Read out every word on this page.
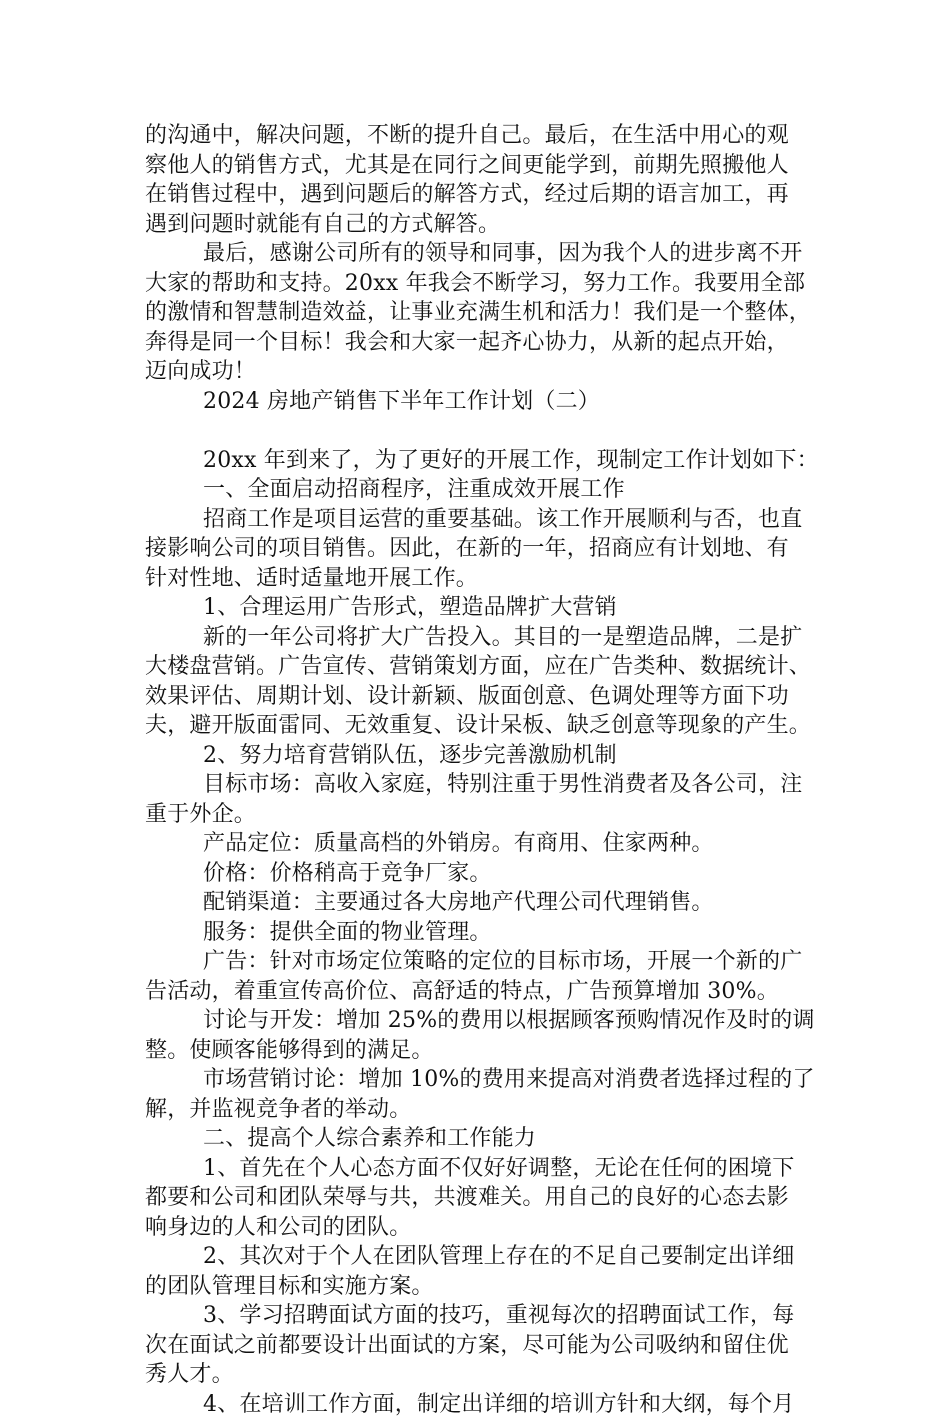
的沟通中，解决问题，不断的提升自己。最后，在生活中用心的观
察他人的销售方式，尤其是在同行之间更能学到，前期先照搬他人
在销售过程中，遇到问题后的解答方式，经过后期的语言加工，再
遇到问题时就能有自己的方式解答。
最后，感谢公司所有的领导和同事，因为我个人的进步离不开
大家的帮助和支持。20xx 年我会不断学习，努力工作。我要用全部
的激情和智慧制造效益，让事业充满生机和活力！我们是一个整体，
奔得是同一个目标！我会和大家一起齐心协力，从新的起点开始，
迈向成功！
2024 房地产销售下半年工作计划（二）
20xx 年到来了，为了更好的开展工作，现制定工作计划如下：
一、全面启动招商程序，注重成效开展工作
招商工作是项目运营的重要基础。该工作开展顺利与否，也直
接影响公司的项目销售。因此，在新的一年，招商应有计划地、有
针对性地、适时适量地开展工作。
1、合理运用广告形式，塑造品牌扩大营销
新的一年公司将扩大广告投入。其目的一是塑造品牌，二是扩
大楼盘营销。广告宣传、营销策划方面，应在广告类种、数据统计、
效果评估、周期计划、设计新颖、版面创意、色调处理等方面下功
夫，避开版面雷同、无效重复、设计呆板、缺乏创意等现象的产生。
2、努力培育营销队伍，逐步完善激励机制
目标市场：高收入家庭，特别注重于男性消费者及各公司，注
重于外企。
产品定位：质量高档的外销房。有商用、住家两种。
价格：价格稍高于竞争厂家。
配销渠道：主要通过各大房地产代理公司代理销售。
服务：提供全面的物业管理。
广告：针对市场定位策略的定位的目标市场，开展一个新的广
告活动，着重宣传高价位、高舒适的特点，广告预算增加 30%。
讨论与开发：增加 25%的费用以根据顾客预购情况作及时的调
整。使顾客能够得到的满足。
市场营销讨论：增加 10%的费用来提高对消费者选择过程的了
解，并监视竞争者的举动。
二、提高个人综合素养和工作能力
1、首先在个人心态方面不仅好好调整，无论在任何的困境下
都要和公司和团队荣辱与共，共渡难关。用自己的良好的心态去影
响身边的人和公司的团队。
2、其次对于个人在团队管理上存在的不足自己要制定出详细
的团队管理目标和实施方案。
3、学习招聘面试方面的技巧，重视每次的招聘面试工作，每
次在面试之前都要设计出面试的方案，尽可能为公司吸纳和留住优
秀人才。
4、在培训工作方面，制定出详细的培训方针和大纲，每个月
